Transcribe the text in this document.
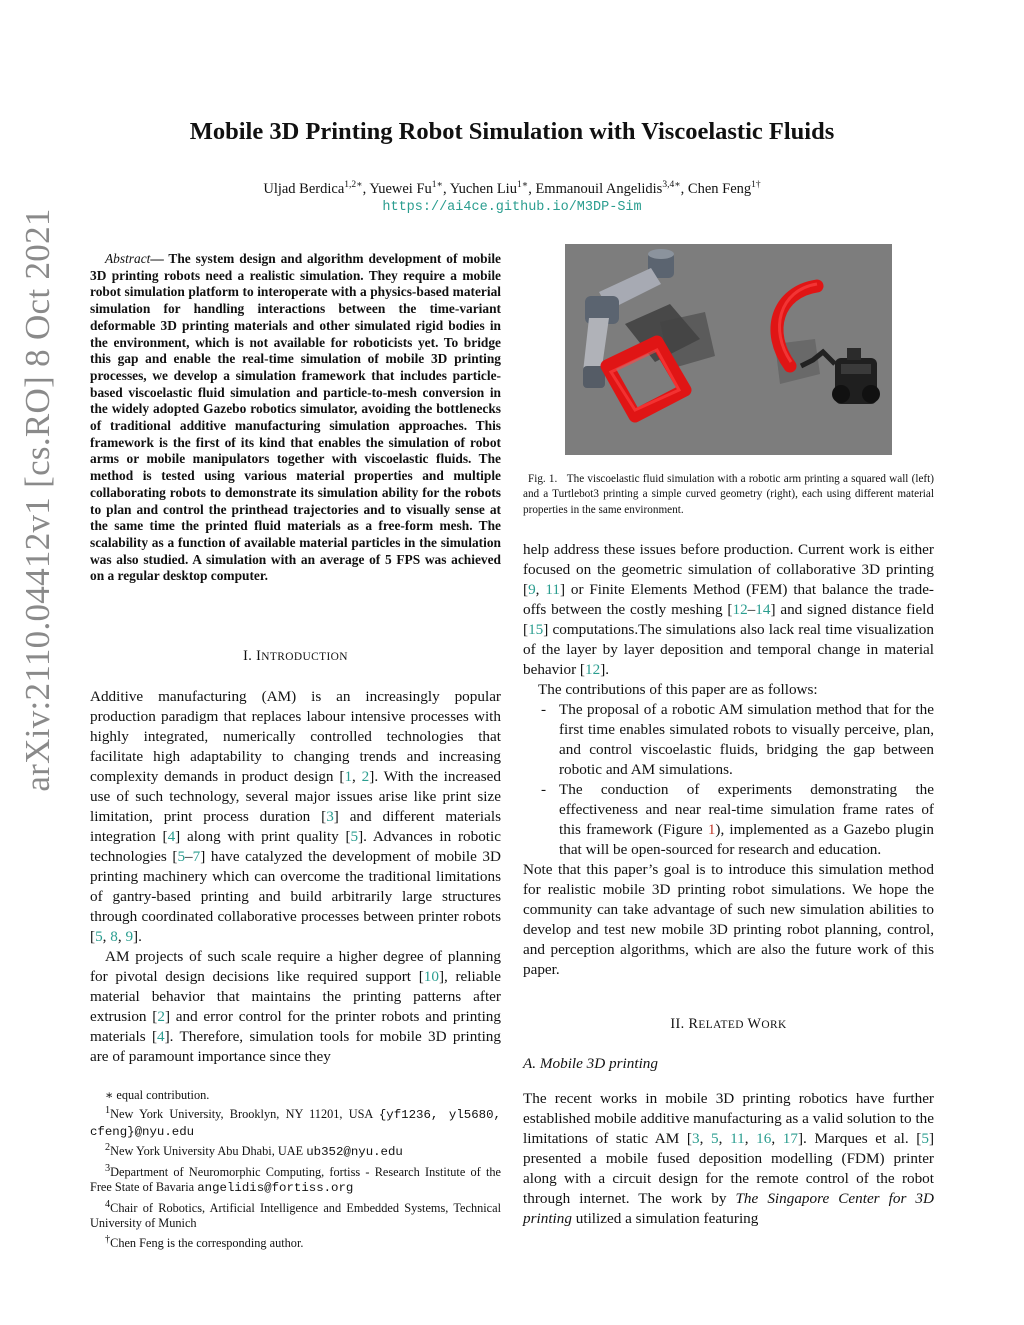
arXiv:2110.04412v1 [cs.RO] 8 Oct 2021
Mobile 3D Printing Robot Simulation with Viscoelastic Fluids
Uljad Berdica$^{1,2∗}$, Yuewei $Fu^{1∗}$, Yuchen Liu$^{1∗}$, Emmanouil Angelidis$^{3,4∗}$, Chen Feng$^{1\dagger}$
https://ai4ce.github.io/M3DP-Sim
Abstract— The system design and algorithm development of mobile 3D printing robots need a realistic simulation. They require a mobile robot simulation platform to interoperate with a physics-based material simulation for handling interactions between the time-variant deformable 3D printing materials and other simulated rigid bodies in the environment, which is not available for roboticists yet. To bridge this gap and enable the real-time simulation of mobile 3D printing processes, we develop a simulation framework that includes particle-based viscoelastic fluid simulation and particle-to-mesh conversion in the widely adopted Gazebo robotics simulator, avoiding the bottlenecks of traditional additive manufacturing simulation approaches. This framework is the first of its kind that enables the simulation of robot arms or mobile manipulators together with viscoelastic fluids. The method is tested using various material properties and multiple collaborating robots to demonstrate its simulation ability for the robots to plan and control the printhead trajectories and to visually sense at the same time the printed fluid materials as a free-form mesh. The scalability as a function of available material particles in the simulation was also studied. A simulation with an average of 5 FPS was achieved on a regular desktop computer.
I. INTRODUCTION

Additive manufacturing (AM) is an increasingly popular production paradigm that replaces labour intensive processes with highly integrated, numerically controlled technologies that facilitate high adaptability to changing trends and increasing complexity demands in product design [1, 2]. With the increased use of such technology, several major issues arise like print size limitation, print process duration [3] and different materials integration [4] along with print quality [5]. Advances in robotic technologies [5–7] have catalyzed the development of mobile 3D printing machinery which can overcome the traditional limitations of gantry-based printing and build arbitrarily large structures through coordinated collaborative processes between printer robots [5, 8, 9].

AM projects of such scale require a higher degree of planning for pivotal design decisions like required support [10], reliable material behavior that maintains the printing patterns after extrusion [2] and error control for the printer robots and printing materials [4]. Therefore, simulation tools for mobile 3D printing are of paramount importance since they

∗ equal contribution.
$^1$New York University, Brooklyn, NY 11201, USA {yf1236, yl5680, cfeng}@nyu.edu
$^2$New York University Abu Dhabi, UAE ub352@nyu.edu
$^3$Department of Neuromorphic Computing, fortiss - Research Institute of the Free State of Bavaria angelidis@fortiss.org
$^4$Chair of Robotics, Artificial Intelligence and Embedded Systems, Technical University of Munich
†Chen Feng is the corresponding author.
Fig. 1. The viscoelastic fluid simulation with a robotic arm printing a squared wall (left) and a Turtlebot3 printing a simple curved geometry (right), each using different material properties in the same environment.

help address these issues before production. Current work is either focused on the geometric simulation of collaborative 3D printing [9, 11] or Finite Elements Method (FEM) that balance the trade-offs between the costly meshing [12–14] and signed distance field [15] computations.The simulations also lack real time visualization of the layer by layer deposition and temporal change in material behavior [12].

The contributions of this paper are as follows:

- The proposal of a robotic AM simulation method that for the first time enables simulated robots to visually perceive, plan, and control viscoelastic fluids, bridging the gap between robotic and AM simulations.
- The conduction of experiments demonstrating the effectiveness and near real-time simulation frame rates of this framework (Figure 1), implemented as a Gazebo plugin that will be open-sourced for research and education.

Note that this paper’s goal is to introduce this simulation method for realistic mobile 3D printing robot simulations. We hope the community can take advantage of such new simulation abilities to develop and test new mobile 3D printing robot planning, control, and perception algorithms, which are also the future work of this paper.

II. RELATED WORK
A. Mobile 3D printing
The recent works in mobile 3D printing robotics have further established mobile additive manufacturing as a valid solution to the limitations of static AM [3, 5, 11, 16, 17]. Marques et al. [5] presented a mobile fused deposition modelling (FDM) printer along with a circuit design for the remote control of the robot through internet. The work by The Singapore Center for 3D printing utilized a simulation featuring
